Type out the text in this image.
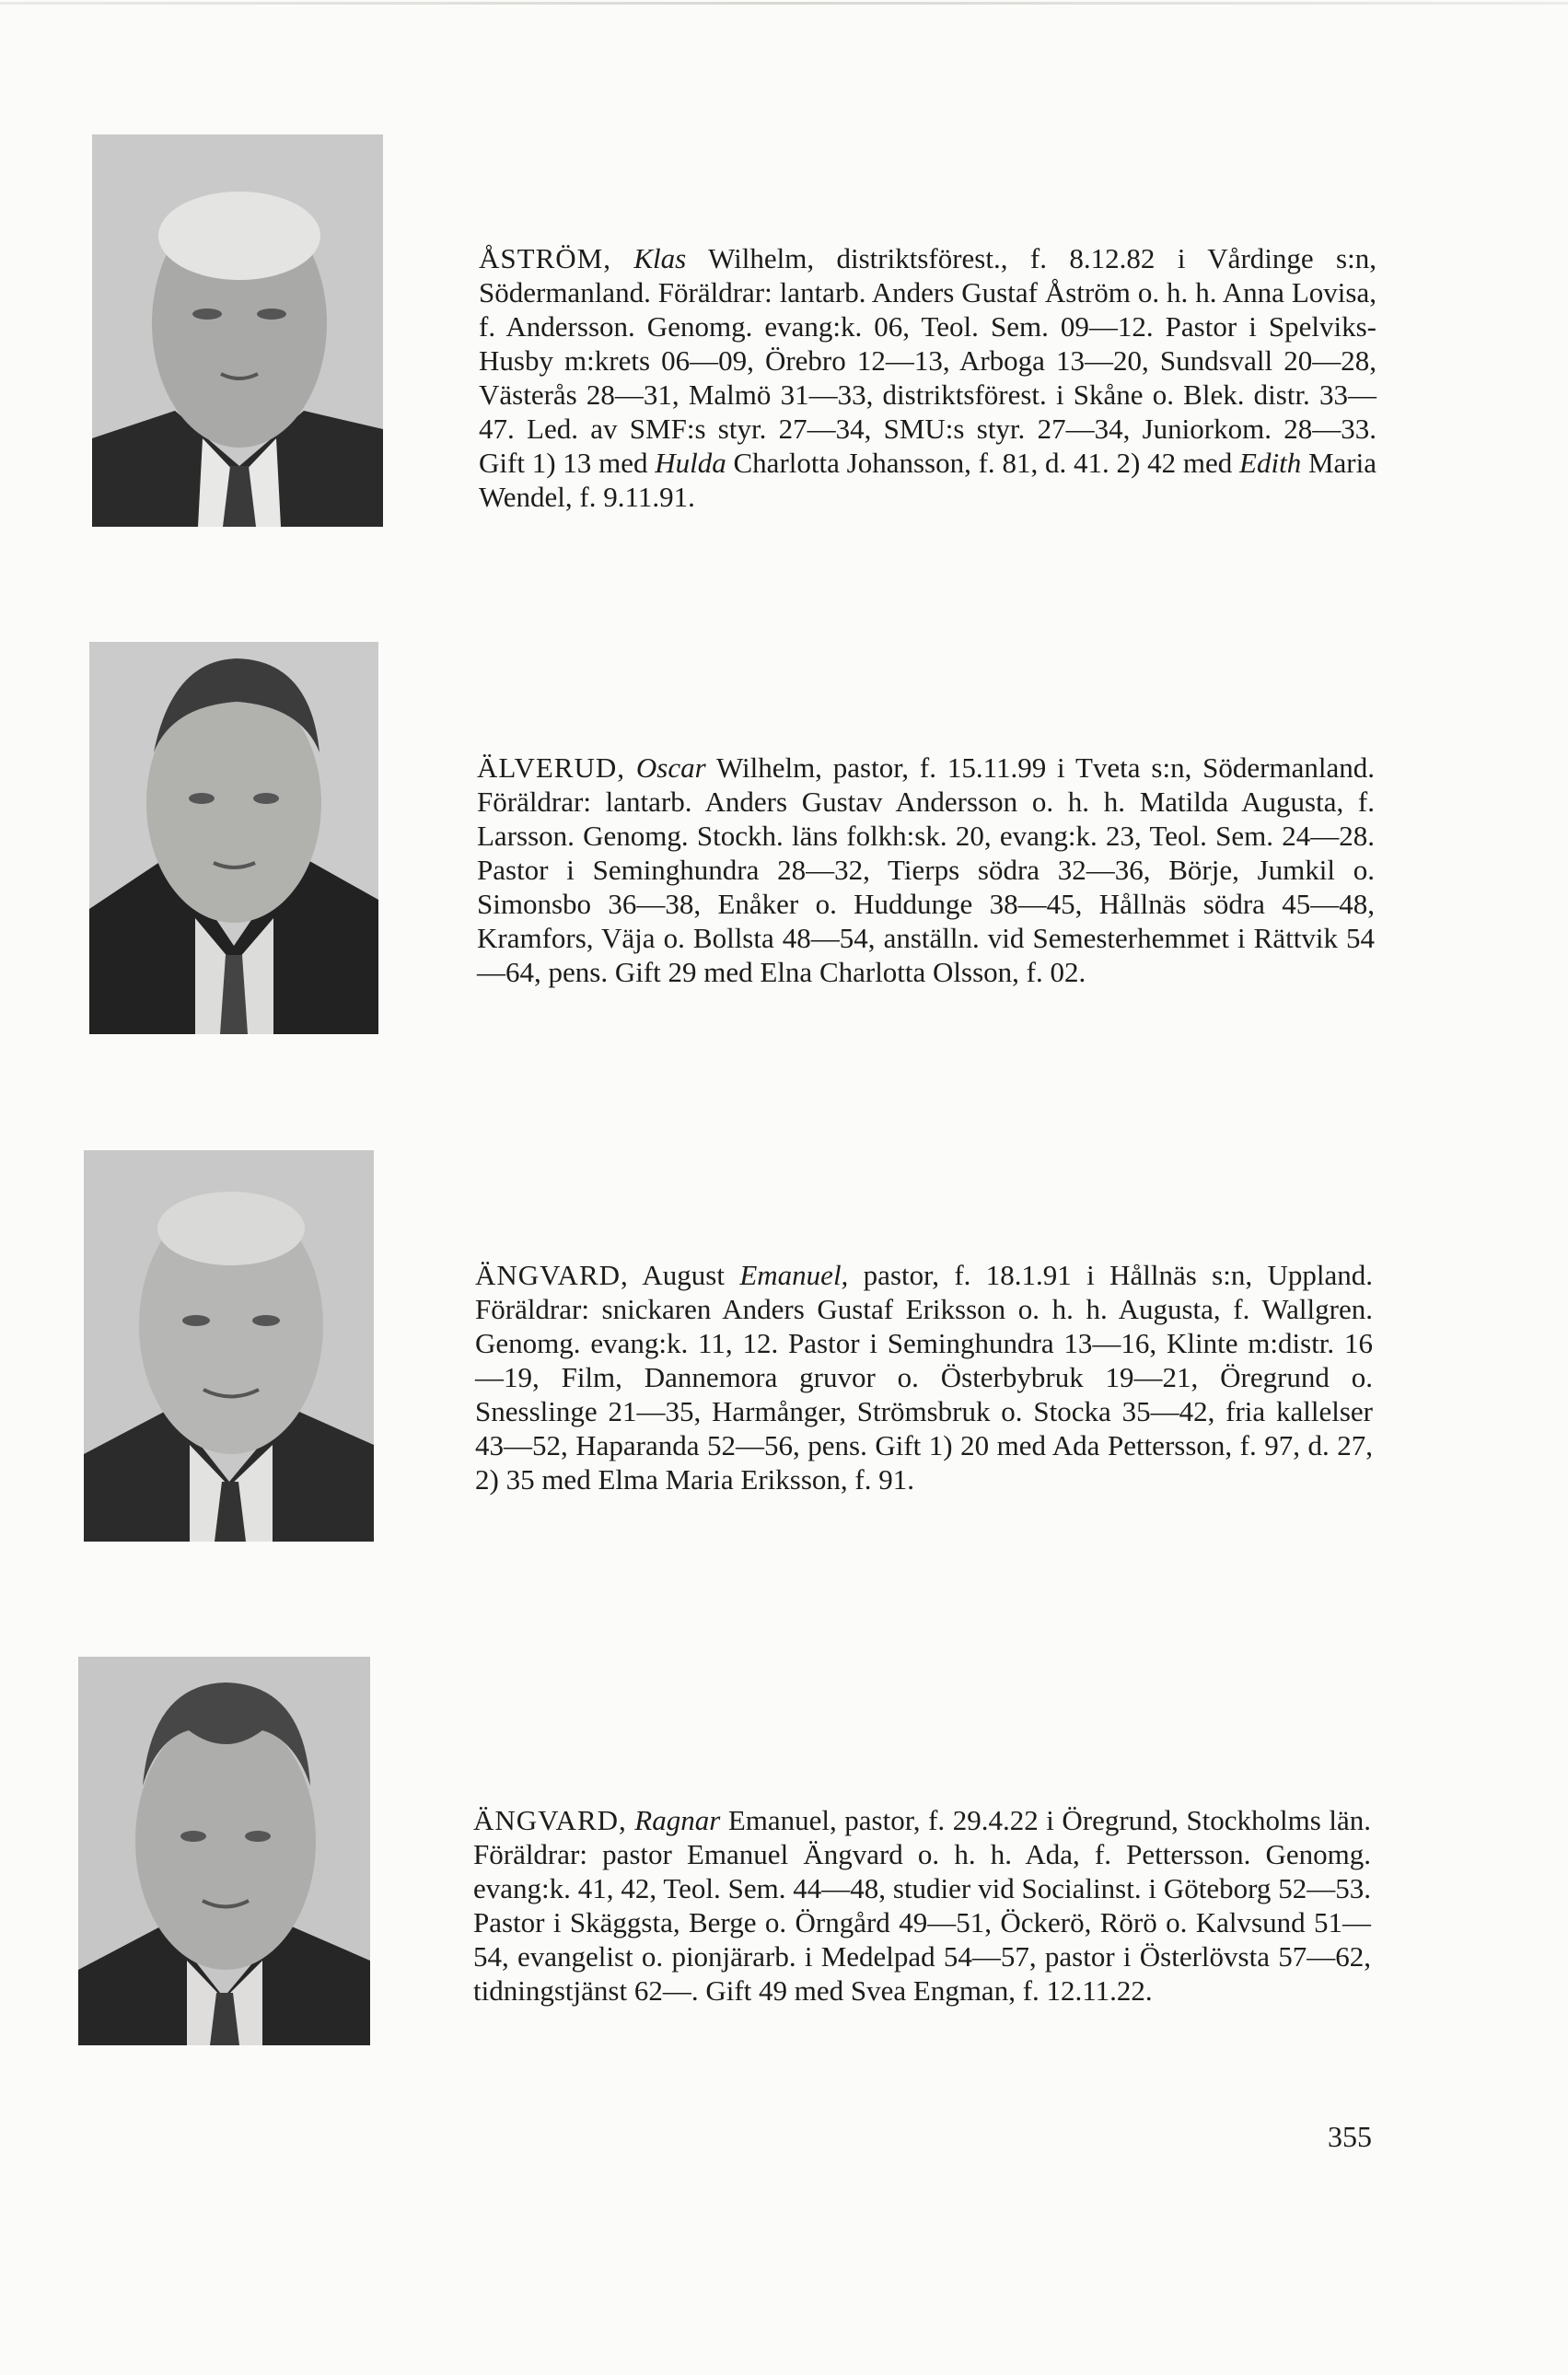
ÅSTRÖM, Klas Wilhelm, distriktsförest., f. 8.12.82 i Vårdinge s:n, Södermanland. Föräldrar: lantarb. Anders Gustaf Åström o. h. h. Anna Lovisa, f. Andersson. Genomg. evang:k. 06, Teol. Sem. 09—12. Pastor i Spelviks-Husby m:krets 06—09, Örebro 12—13, Arboga 13—20, Sundsvall 20—28, Västerås 28—31, Malmö 31—33, distriktsförest. i Skåne o. Blek. distr. 33—47. Led. av SMF:s styr. 27—34, SMU:s styr. 27—34, Juniorkom. 28—33. Gift 1) 13 med Hulda Charlotta Johansson, f. 81, d. 41. 2) 42 med Edith Maria Wendel, f. 9.11.91.
ÄLVERUD, Oscar Wilhelm, pastor, f. 15.11.99 i Tveta s:n, Södermanland. Föräldrar: lantarb. Anders Gustav Andersson o. h. h. Matilda Augusta, f. Larsson. Genomg. Stockh. läns folkh:sk. 20, evang:k. 23, Teol. Sem. 24—28. Pastor i Seminghundra 28—32, Tierps södra 32—36, Börje, Jumkil o. Simonsbo 36—38, Enåker o. Huddunge 38—45, Hållnäs södra 45—48, Kramfors, Väja o. Bollsta 48—54, anställn. vid Semesterhemmet i Rättvik 54—64, pens. Gift 29 med Elna Charlotta Olsson, f. 02.
ÄNGVARD, August Emanuel, pastor, f. 18.1.91 i Hållnäs s:n, Uppland. Föräldrar: snickaren Anders Gustaf Eriksson o. h. h. Augusta, f. Wallgren. Genomg. evang:k. 11, 12. Pastor i Seminghundra 13—16, Klinte m:distr. 16—19, Film, Dannemora gruvor o. Österbybruk 19—21, Öregrund o. Snesslinge 21—35, Harmånger, Strömsbruk o. Stocka 35—42, fria kallelser 43—52, Haparanda 52—56, pens. Gift 1) 20 med Ada Pettersson, f. 97, d. 27, 2) 35 med Elma Maria Eriksson, f. 91.
ÄNGVARD, Ragnar Emanuel, pastor, f. 29.4.22 i Öregrund, Stockholms län. Föräldrar: pastor Emanuel Ängvard o. h. h. Ada, f. Pettersson. Genomg. evang:k. 41, 42, Teol. Sem. 44—48, studier vid Socialinst. i Göteborg 52—53. Pastor i Skäggsta, Berge o. Örngård 49—51, Öckerö, Rörö o. Kalvsund 51—54, evangelist o. pionjärarb. i Medelpad 54—57, pastor i Österlövsta 57—62, tidningstjänst 62—. Gift 49 med Svea Engman, f. 12.11.22.
355
